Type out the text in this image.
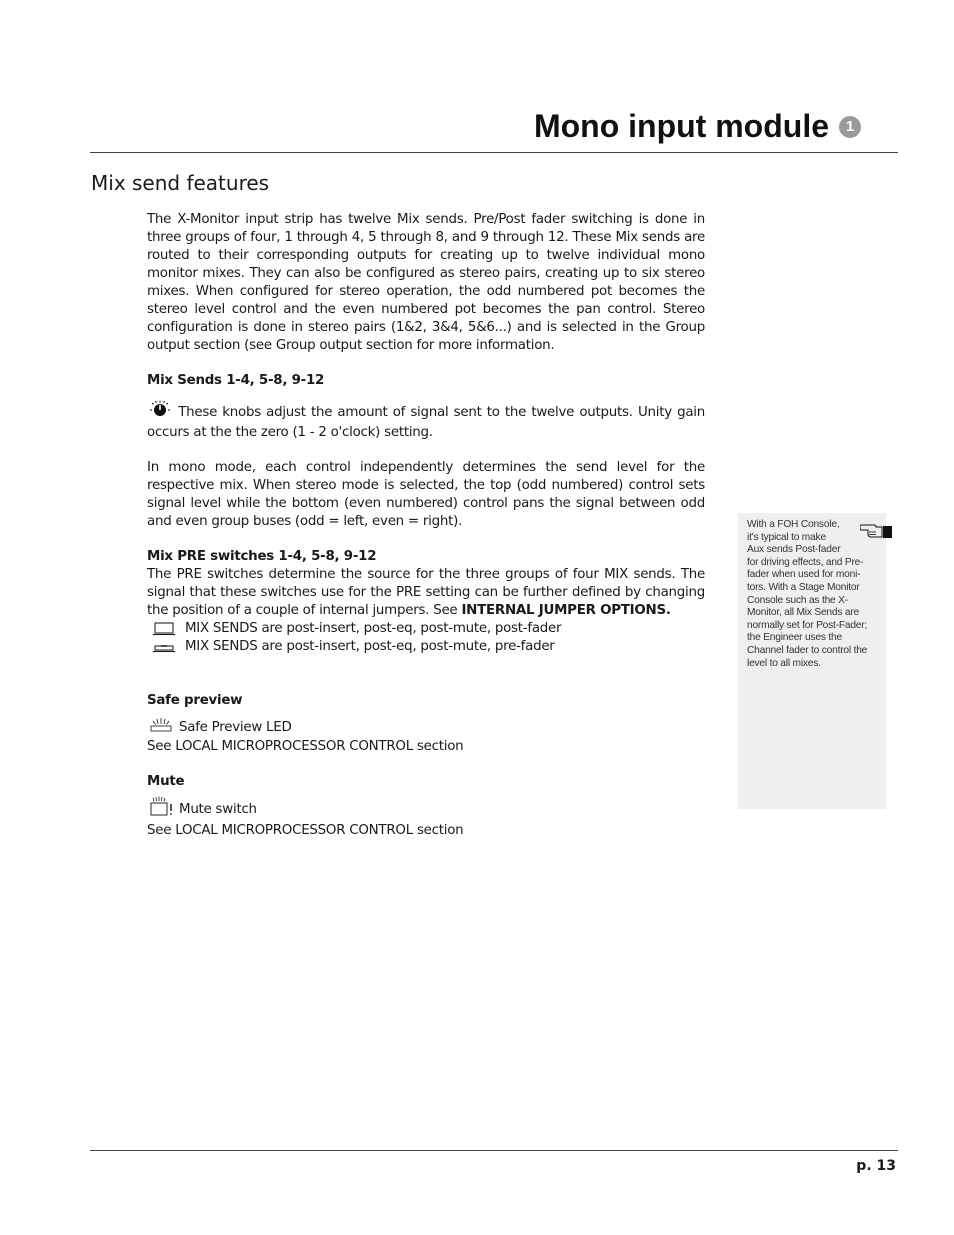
Mono input module	1
Mix send features

The X-Monitor input strip has twelve Mix sends. Pre/Post fader switching is done in three groups of four, 1 through 4, 5 through 8, and 9 through 12. These Mix sends are routed to their corresponding outputs for creating up to twelve individual mono monitor mixes. They can also be configured as stereo pairs, creating up to six stereo mixes. When configured for stereo operation, the odd numbered pot becomes the stereo level control and the even numbered pot becomes the pan control. Stereo configuration is done in stereo pairs (1&2, 3&4, 5&6...) and is selected in the Group output section (see Group output section for more information.

Mix Sends 1-4, 5-8, 9-12

These knobs adjust the amount of signal sent to the twelve outputs. Unity gain occurs at the the zero (1 - 2 o'clock) setting.

In mono mode, each control independently determines the send level for the respective mix. When stereo mode is selected, the top (odd numbered) control sets signal level while the bottom (even numbered) control pans the signal between odd and even group buses (odd = left, even = right).

Mix PRE switches 1-4, 5-8, 9-12

The PRE switches determine the source for the three groups of four MIX sends. The signal that these switches use for the PRE setting can be further defined by changing the position of a couple of internal jumpers. See INTERNAL JUMPER OPTIONS.

MIX SENDS are post-insert, post-eq, post-mute, post-fader
MIX SENDS are post-insert, post-eq, post-mute, pre-fader
Safe preview
Safe Preview LED
See LOCAL MICROPROCESSOR CONTROL section
Mute
Mute switch
See LOCAL MICROPROCESSOR CONTROL section
With a FOH Console,
it's typical to make
Aux sends Post-fader
for driving effects, and Pre-
fader when used for moni-
tors. With a Stage Monitor
Console such as the X-
Monitor, all Mix Sends are
normally set for Post-Fader;
the Engineer uses the
Channel fader to control the
level to all mixes.
p. 13
